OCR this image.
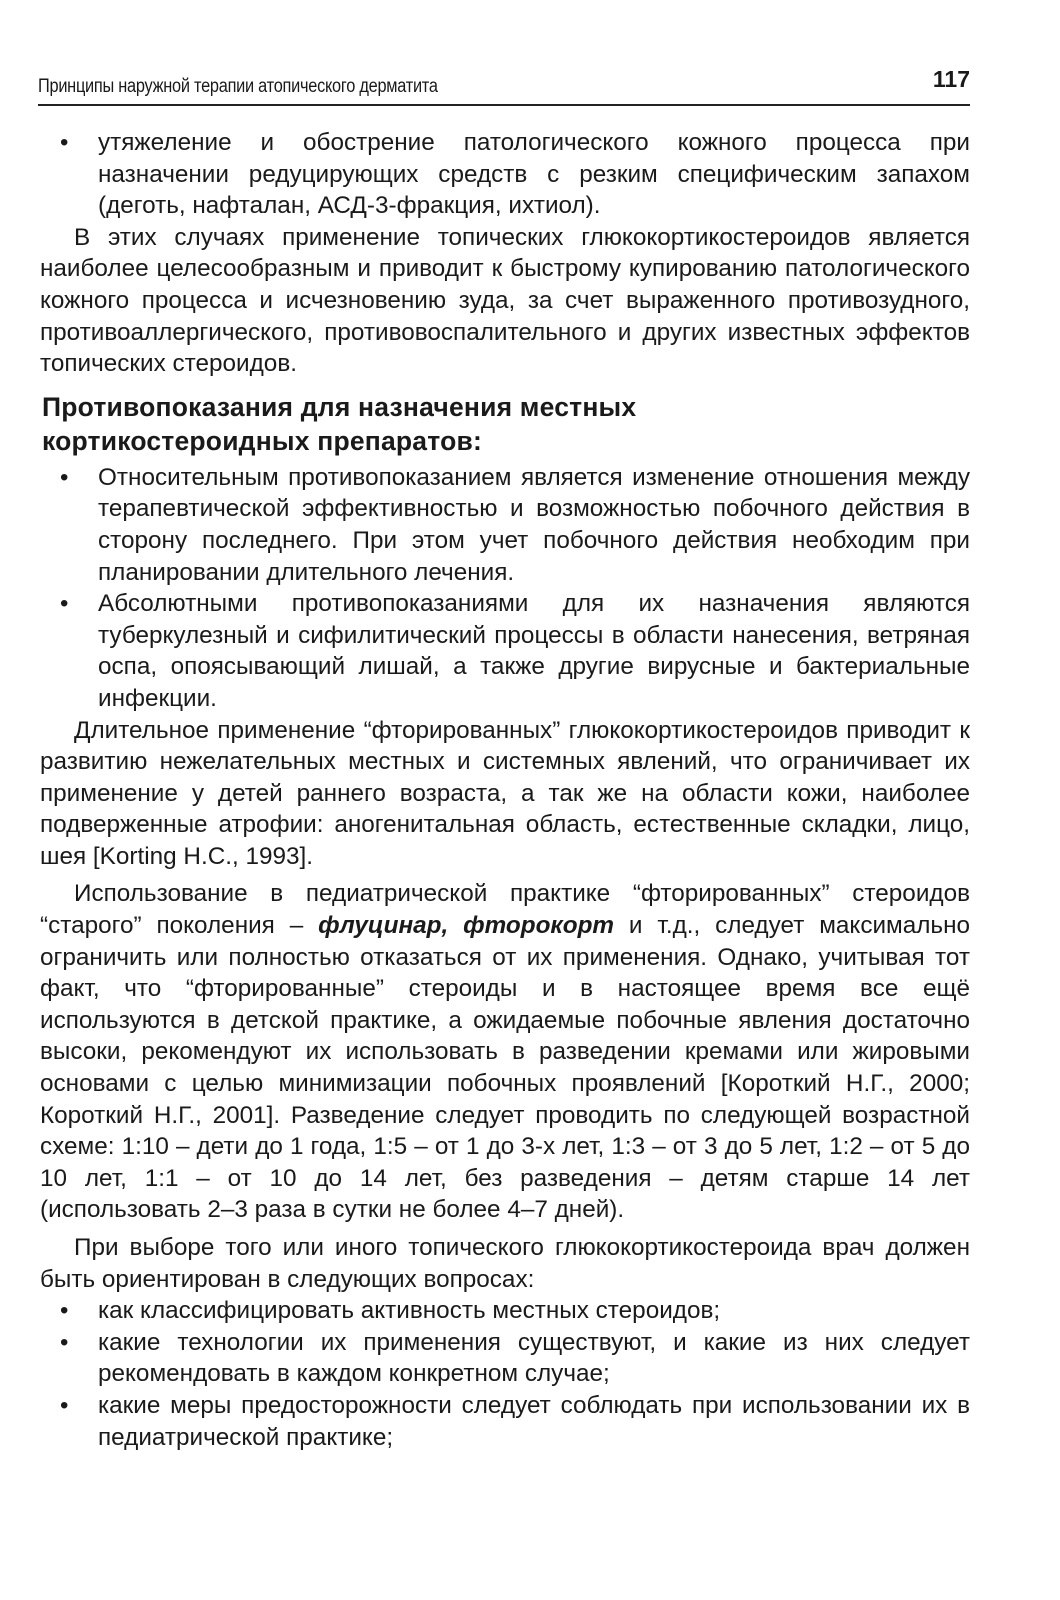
Принципы наружной терапии атопического дерматита	117
• утяжеление и обострение патологического кожного процесса при назначении редуцирующих средств с резким специфическим запахом (деготь, нафталан, АСД-3-фракция, ихтиол).

В этих случаях применение топических глюкокортикостероидов является наиболее целесообразным и приводит к быстрому купированию патологического кожного процесса и исчезновению зуда, за счет выраженного противозудного, противоаллергического, противовоспалительного и других известных эффектов топических стероидов.

Противопоказания для назначения местных
кортикостероидных препаратов:
• Относительным противопоказанием является изменение отношения между терапевтической эффективностью и возможностью побочного действия в сторону последнего. При этом учет побочного действия необходим при планировании длительного лечения.
• Абсолютными противопоказаниями для их назначения являются туберкулезный и сифилитический процессы в области нанесения, ветряная оспа, опоясывающий лишай, а также другие вирусные и бактериальные инфекции.

Длительное применение “фторированных” глюкокортикостероидов приводит к развитию нежелательных местных и системных явлений, что ограничивает их применение у детей раннего возраста, а так же на области кожи, наиболее подверженные атрофии: аногенитальная область, естественные складки, лицо, шея [Korting H.C., 1993].

Использование в педиатрической практике “фторированных” стероидов “старого” поколения – флуцинар, фторокорт и т.д., следует максимально ограничить или полностью отказаться от их применения. Однако, учитывая тот факт, что “фторированные” стероиды и в настоящее время все ещё используются в детской практике, а ожидаемые побочные явления достаточно высоки, рекомендуют их использовать в разведении кремами или жировыми основами с целью минимизации побочных проявлений [Короткий Н.Г., 2000; Короткий Н.Г., 2001]. Разведение следует проводить по следующей возрастной схеме: 1:10 – дети до 1 года, 1:5 – от 1 до 3-х лет, 1:3 – от 3 до 5 лет, 1:2 – от 5 до 10 лет, 1:1 – от 10 до 14 лет, без разведения – детям старше 14 лет (использовать 2–3 раза в сутки не более 4–7 дней).

При выборе того или иного топического глюкокортикостероида врач должен быть ориентирован в следующих вопросах:

• как классифицировать активность местных стероидов;
• какие технологии их применения существуют, и какие из них следует рекомендовать в каждом конкретном случае;
• какие меры предосторожности следует соблюдать при использовании их в педиатрической практике;
